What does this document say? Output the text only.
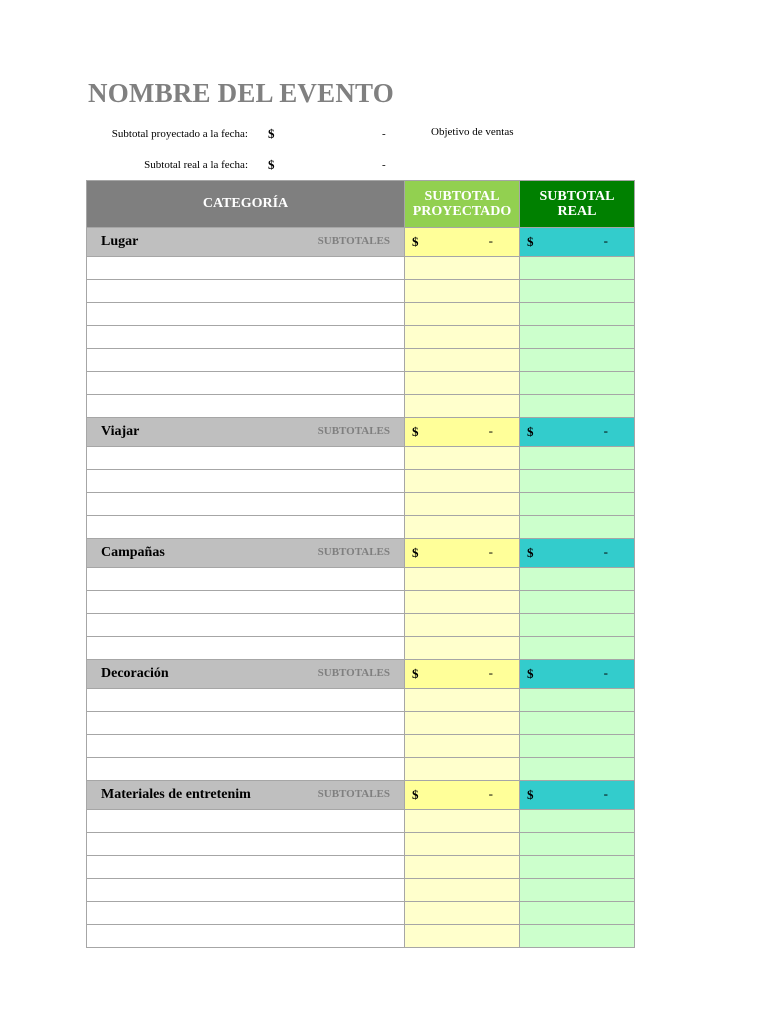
NOMBRE DEL EVENTO
Subtotal proyectado a la fecha: $	-	Objetivo de ventas
Subtotal real a la fecha: $	-
CATEGORÍA	SUBTOTAL PROYECTADO	SUBTOTAL REAL

Lugar SUBTOTALES	$ -	$ -

Viajar SUBTOTALES	$ -	$ -

Campañas SUBTOTALES	$ -	$ -

Decoración SUBTOTALES	$ -	$ -

Materiales de entretenim SUBTOTALES	$ -	$ -
